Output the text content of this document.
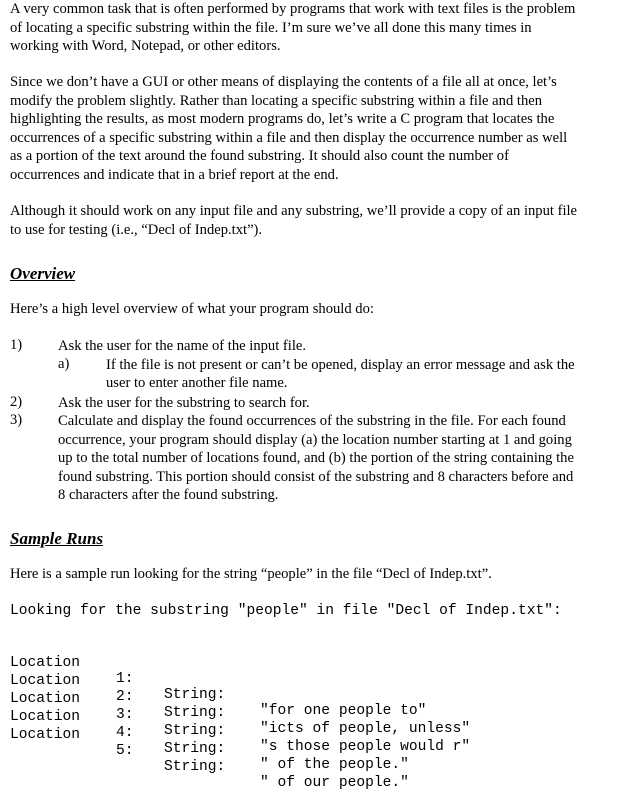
A very common task that is often performed by programs that work with text files is the problem
of locating a specific substring within the file. I’m sure we’ve all done this many times in
working with Word, Notepad, or other editors.
Since we don’t have a GUI or other means of displaying the contents of a file all at once, let’s
modify the problem slightly. Rather than locating a specific substring within a file and then
highlighting the results, as most modern programs do, let’s write a C program that locates the
occurrences of a specific substring within a file and then display the occurrence number as well
as a portion of the text around the found substring. It should also count the number of
occurrences and indicate that in a brief report at the end.
Although it should work on any input file and any substring, we’ll provide a copy of an input file
to use for testing (i.e., “Decl of Indep.txt”).
Overview
Here’s a high level overview of what your program should do:
1) Ask the user for the name of the input file.
a)	If the file is not present or can’t be opened, display an error message and ask the
user to enter another file name.
2) Ask the user for the substring to search for.
3) Calculate and display the found occurrences of the substring in the file. For each found
occurrence, your program should display (a) the location number starting at 1 and going
up to the total number of locations found, and (b) the portion of the string containing the
found substring. This portion should consist of the substring and 8 characters before and
8 characters after the found substring.
Sample Runs
Here is a sample run looking for the string “people” in the file “Decl of Indep.txt”.
Looking for the substring "people" in file "Decl of Indep.txt":

Location

1:

String:

"for one people to"

Location

2:

String:

"icts of people, unless"

Location

3:

String:

"s those people would r"

Location

4:

String:

" of the people."

Location

5:

String:

" of our people."
